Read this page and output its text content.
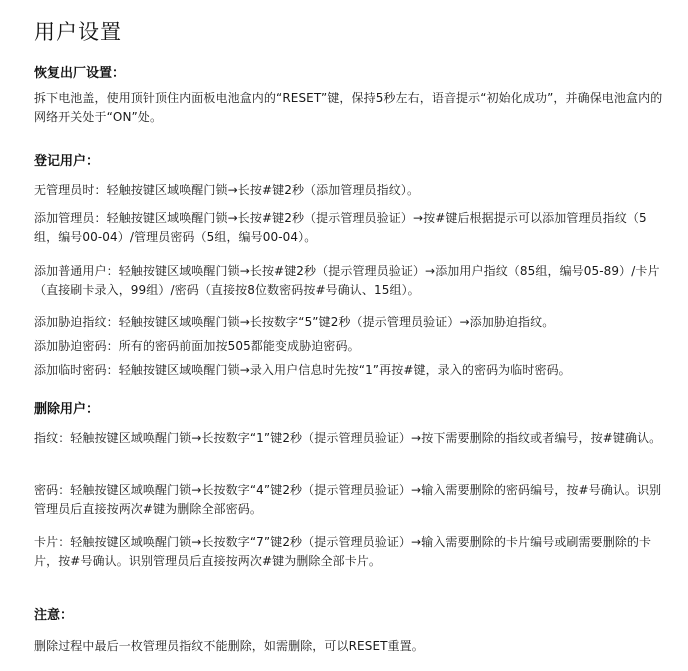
用户设置
恢复出厂设置：

拆下电池盖，使用顶针顶住内面板电池盒内的“RESET”键，保持5秒左右，语音提示“初始化成功”，并确保电池盒内的网络开关处于“ON”处。

登记用户：

无管理员时：轻触按键区域唤醒门锁→长按#键2秒（添加管理员指纹）。

添加管理员：轻触按键区域唤醒门锁→长按#键2秒（提示管理员验证）→按#键后根据提示可以添加管理员指纹（5组，编号00-04）/管理员密码（5组，编号00-04）。

添加普通用户：轻触按键区域唤醒门锁→长按#键2秒（提示管理员验证）→添加用户指纹（85组，编号05-89）/卡片（直接刷卡录入，99组）/密码（直接按8位数密码按#号确认、15组）。

添加胁迫指纹：轻触按键区域唤醒门锁→长按数字“5”键2秒（提示管理员验证）→添加胁迫指纹。

添加胁迫密码：所有的密码前面加按505都能变成胁迫密码。

添加临时密码：轻触按键区域唤醒门锁→录入用户信息时先按“1”再按#键，录入的密码为临时密码。

删除用户：

指纹：轻触按键区域唤醒门锁→长按数字“1”键2秒（提示管理员验证）→按下需要删除的指纹或者编号，按#键确认。

密码：轻触按键区域唤醒门锁→长按数字“4”键2秒（提示管理员验证）→输入需要删除的密码编号，按#号确认。识别管理员后直接按两次#键为删除全部密码。

卡片：轻触按键区域唤醒门锁→长按数字“7”键2秒（提示管理员验证）→输入需要删除的卡片编号或刷需要删除的卡片，按#号确认。识别管理员后直接按两次#键为删除全部卡片。

注意：

删除过程中最后一枚管理员指纹不能删除，如需删除，可以RESET重置。
